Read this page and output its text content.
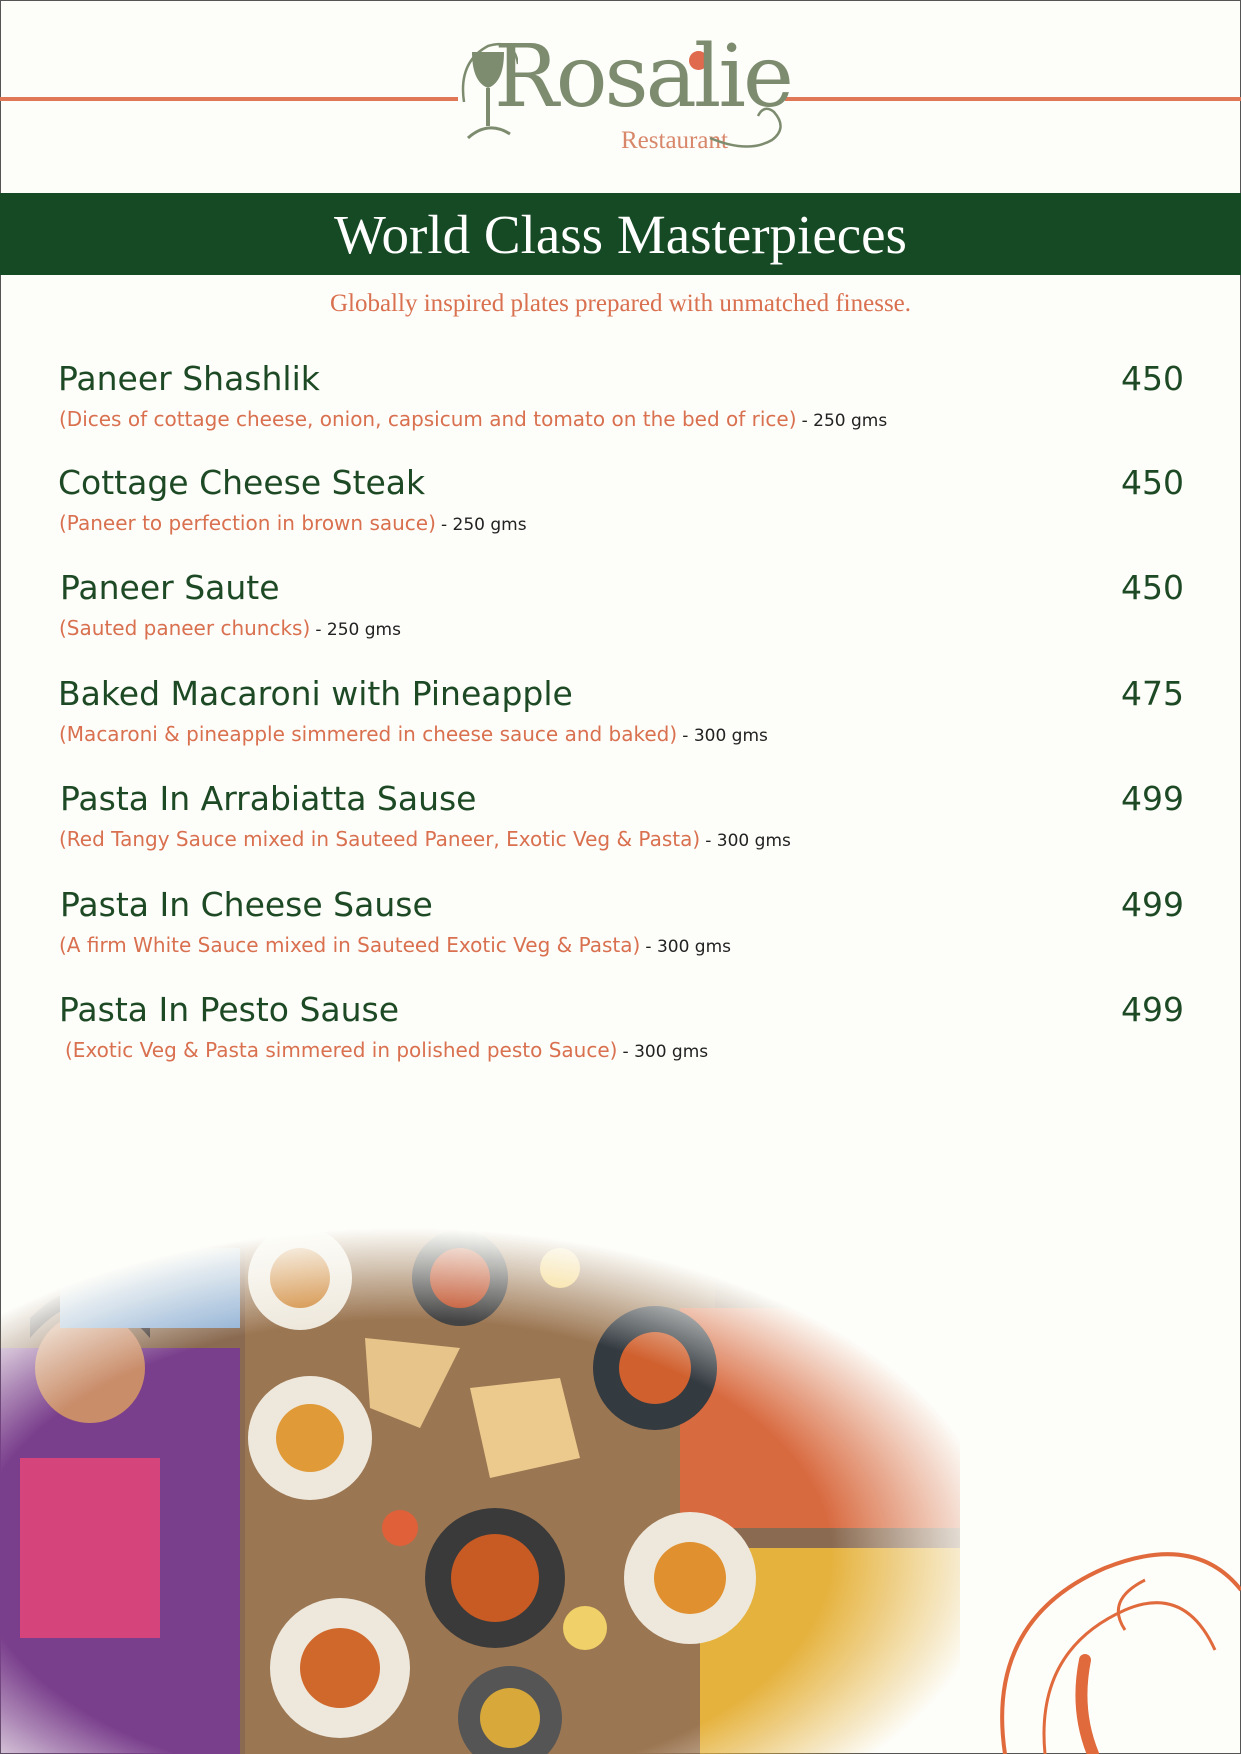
Rosalie
Restaurant
World Class Masterpieces
Globally inspired plates prepared with unmatched finesse.
Paneer Shashlik	450
(Dices of cottage cheese, onion, capsicum and tomato on the bed of rice) - 250 gms
Cottage Cheese Steak	450
(Paneer to perfection in brown sauce) - 250 gms
Paneer Saute	450
(Sauted paneer chuncks) - 250 gms
Baked Macaroni with Pineapple	475
(Macaroni & pineapple simmered in cheese sauce and baked) - 300 gms
Pasta In Arrabiatta Sause	499
(Red Tangy Sauce mixed in Sauteed Paneer, Exotic Veg & Pasta) - 300 gms
Pasta In Cheese Sause	499
(A firm White Sauce mixed in Sauteed Exotic Veg & Pasta) - 300 gms
Pasta In Pesto Sause	499
(Exotic Veg & Pasta simmered in polished pesto Sauce) - 300 gms
